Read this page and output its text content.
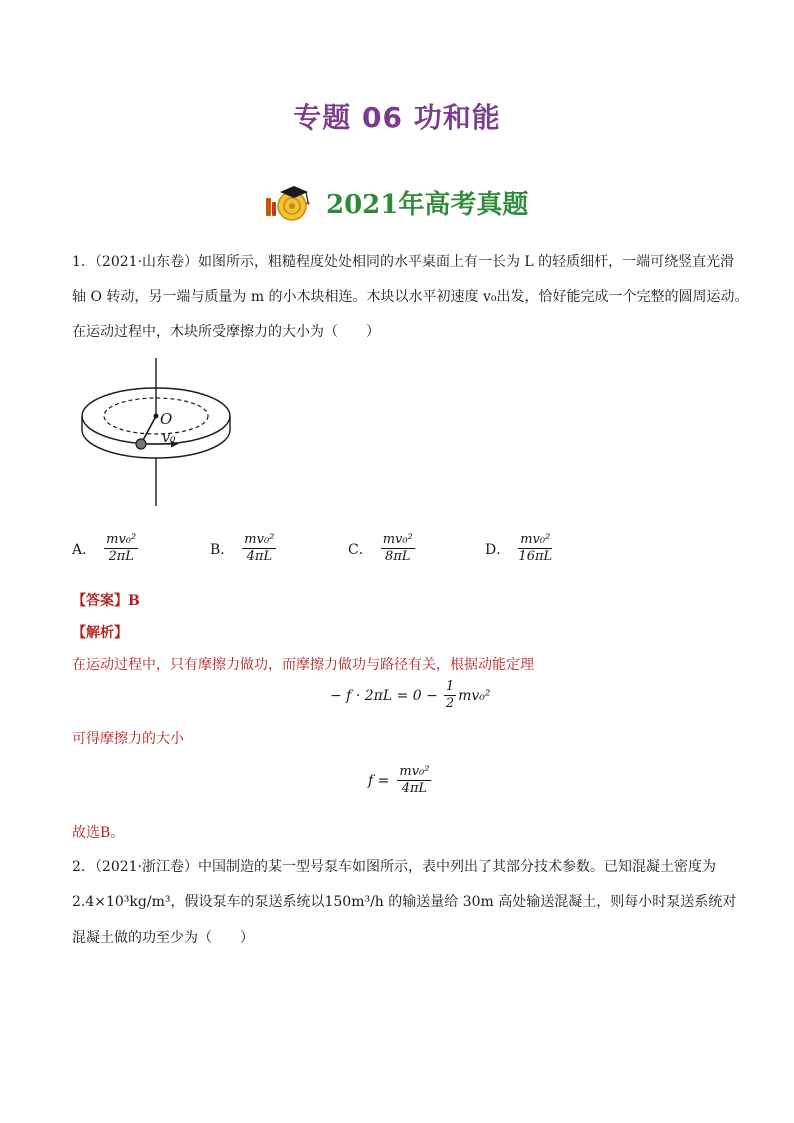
专题 06 功和能
2021年高考真题
1．（2021·山东卷）如图所示，粗糙程度处处相同的水平桌面上有一长为 L 的轻质细杆，一端可绕竖直光滑
轴 O 转动，另一端与质量为 m 的小木块相连。木块以水平初速度 v₀出发，恰好能完成一个完整的圆周运动。
在运动过程中，木块所受摩擦力的大小为（　　）
O
v₀
A． $\frac{\text{mv₀²}}{2\pi L}$	B． $\frac{\text{mv₀²}}{4\pi L}$	C． $\frac{\text{mv₀²}}{8\pi L}$	D． $\frac{\text{mv₀²}}{16\pi L}$
【答案】B
【解析】
在运动过程中，只有摩擦力做功，而摩擦力做功与路径有关，根据动能定理
− $f \cdot 2\pi L = 0 - \frac{1}{2} mv_0^2$
可得摩擦力的大小
$f = \frac{\text{mv₀²}}{4\pi L}$
故选B。
2．（2021·浙江卷）中国制造的某一型号泵车如图所示，表中列出了其部分技术参数。已知混凝土密度为
2.4×10³kg/m³，假设泵车的泵送系统以150m³/h 的输送量给 30m 高处输送混凝土，则每小时泵送系统对
混凝土做的功至少为（　　）
